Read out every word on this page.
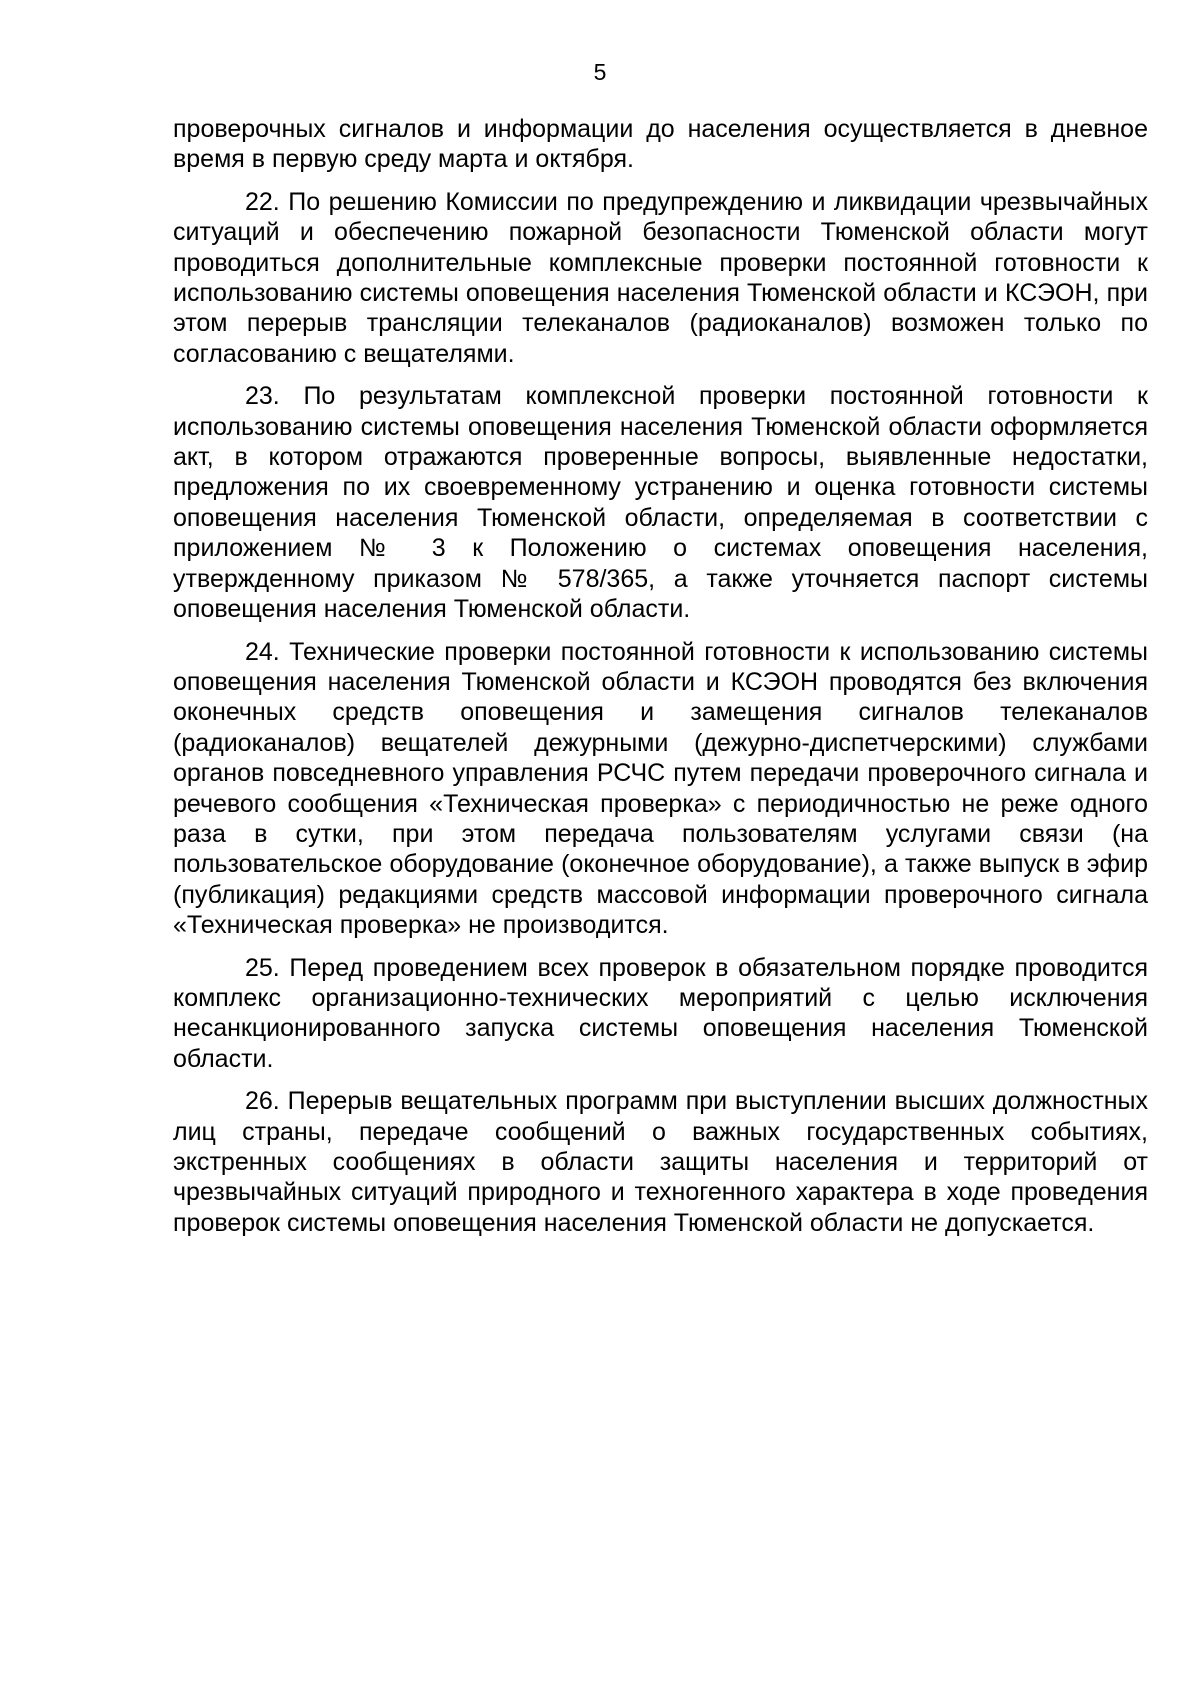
5

проверочных сигналов и информации до населения осуществляется в дневное время в первую среду марта и октября.

22. По решению Комиссии по предупреждению и ликвидации чрезвычайных ситуаций и обеспечению пожарной безопасности Тюменской области могут проводиться дополнительные комплексные проверки постоянной готовности к использованию системы оповещения населения Тюменской области и КСЭОН, при этом перерыв трансляции телеканалов (радиоканалов) возможен только по согласованию с вещателями.

23. По результатам комплексной проверки постоянной готовности к использованию системы оповещения населения Тюменской области оформляется акт, в котором отражаются проверенные вопросы, выявленные недостатки, предложения по их своевременному устранению и оценка готовности системы оповещения населения Тюменской области, определяемая в соответствии с приложением № 3 к Положению о системах оповещения населения, утвержденному приказом № 578/365, а также уточняется паспорт системы оповещения населения Тюменской области.

24. Технические проверки постоянной готовности к использованию системы оповещения населения Тюменской области и КСЭОН проводятся без включения оконечных средств оповещения и замещения сигналов телеканалов (радиоканалов) вещателей дежурными (дежурно-диспетчерскими) службами органов повседневного управления РСЧС путем передачи проверочного сигнала и речевого сообщения «Техническая проверка» с периодичностью не реже одного раза в сутки, при этом передача пользователям услугами связи (на пользовательское оборудование (оконечное оборудование), а также выпуск в эфир (публикация) редакциями средств массовой информации проверочного сигнала «Техническая проверка» не производится.

25. Перед проведением всех проверок в обязательном порядке проводится комплекс организационно-технических мероприятий с целью исключения несанкционированного запуска системы оповещения населения Тюменской области.

26. Перерыв вещательных программ при выступлении высших должностных лиц страны, передаче сообщений о важных государственных событиях, экстренных сообщениях в области защиты населения и территорий от чрезвычайных ситуаций природного и техногенного характера в ходе проведения проверок системы оповещения населения Тюменской области не допускается.
